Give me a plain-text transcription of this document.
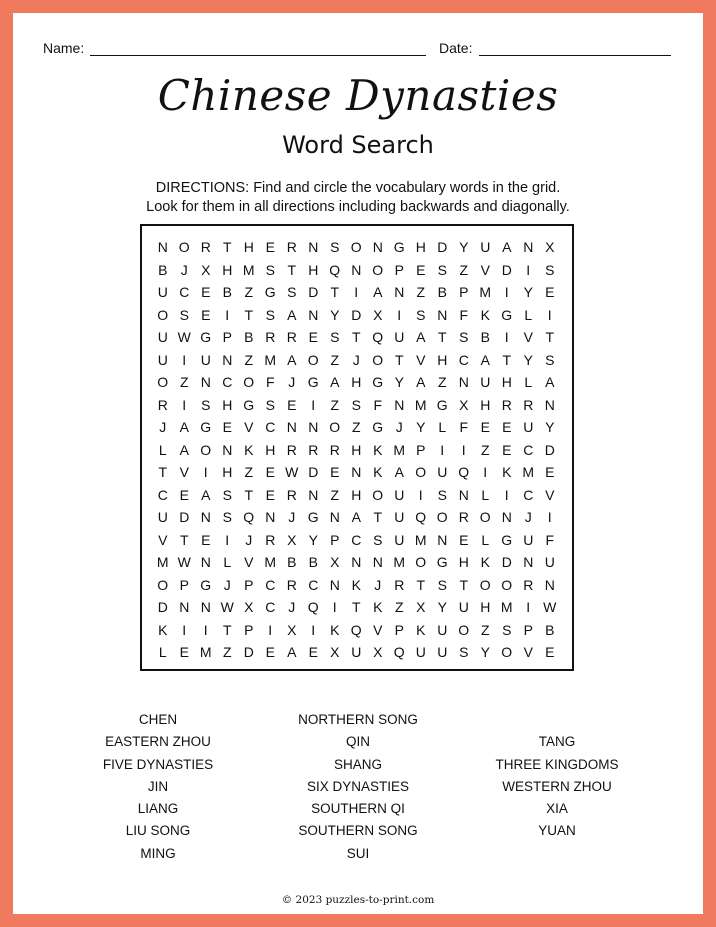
Name:	Date:
Chinese Dynasties
Word Search
DIRECTIONS: Find and circle the vocabulary words in the grid.
Look for them in all directions including backwards and diagonally.
N O R T H E R N S O N G H D Y U A N X
B J X H M S T H Q N O P E S Z V D	I	S
U C E B Z G S D T	I	A N Z B P M I	Y E
O S E	I	T S A N Y D X	I	S N F K G L	I
U W G P B R R E S T Q U A T S B	I	V T
U	I	U N Z M A O Z J O T V H C A T Y S
O Z N C O F J G A H G Y A Z N U H L A
R	I	S H G S E	I	Z S F N M G X H R R N
J A G E V C N N O Z G J Y L F E E U Y
L A O N K H R R R H K M P	I	I	Z E C D
T V	I	H Z E W D E N K A O U Q	I	K M E
C E A S T E R N Z H O U	I	S N L	I	C V
U D N S Q N J G N A T U Q O R O N J	I
V T E	I	J R X Y P C S U M N E L G U F
M W N L V M B B X N N M O G H K D N U
O P G J P C R C N K J R T S T O O R N
D N N W X C J Q	I	T K Z X Y U H M I W
K	I	I	T P	I	X	I	K Q V P K U O Z S P B
L E M Z D E A E X U X Q U U S Y O V E
CHEN
EASTERN ZHOU
FIVE DYNASTIES
JIN
LIANG
LIU SONG
MING
NORTHERN SONG
QIN
SHANG
SIX DYNASTIES
SOUTHERN QI
SOUTHERN SONG
SUI
TANG
THREE KINGDOMS
WESTERN ZHOU
XIA
YUAN
© 2023 puzzles-to-print.com
